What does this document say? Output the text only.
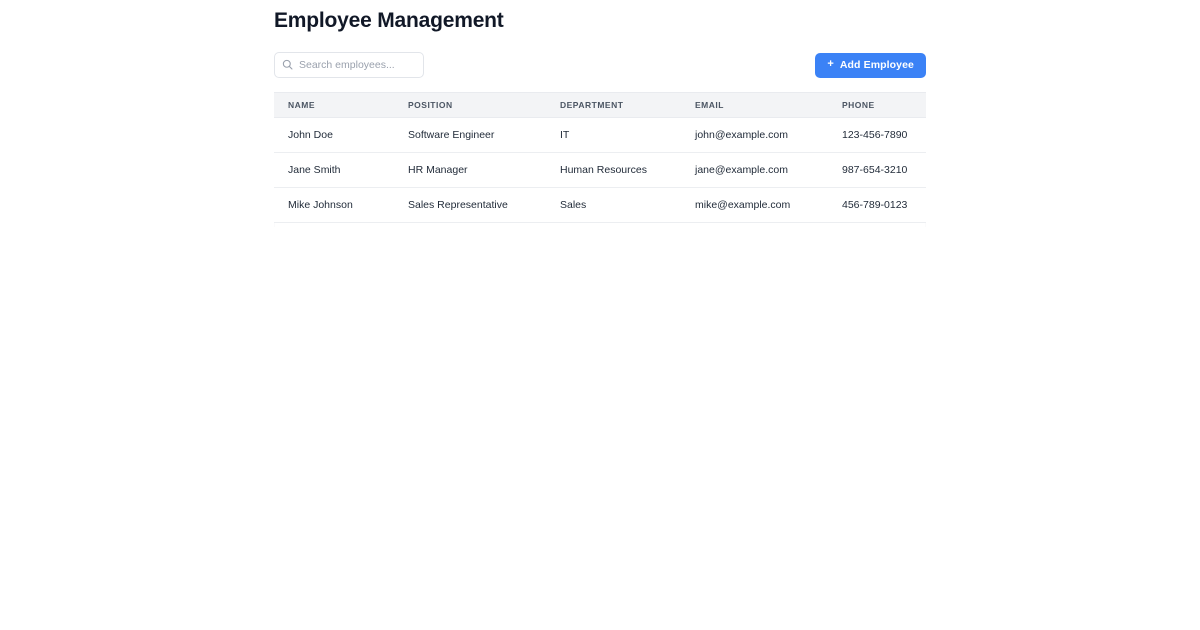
Employee Management
Search employees...
+ Add Employee
NAME	POSITION	DEPARTMENT	EMAIL	PHONE
John Doe	Software Engineer	IT	john@example.com	123-456-7890
Jane Smith	HR Manager	Human Resources	jane@example.com	987-654-3210
Mike Johnson	Sales Representative	Sales	mike@example.com	456-789-0123
